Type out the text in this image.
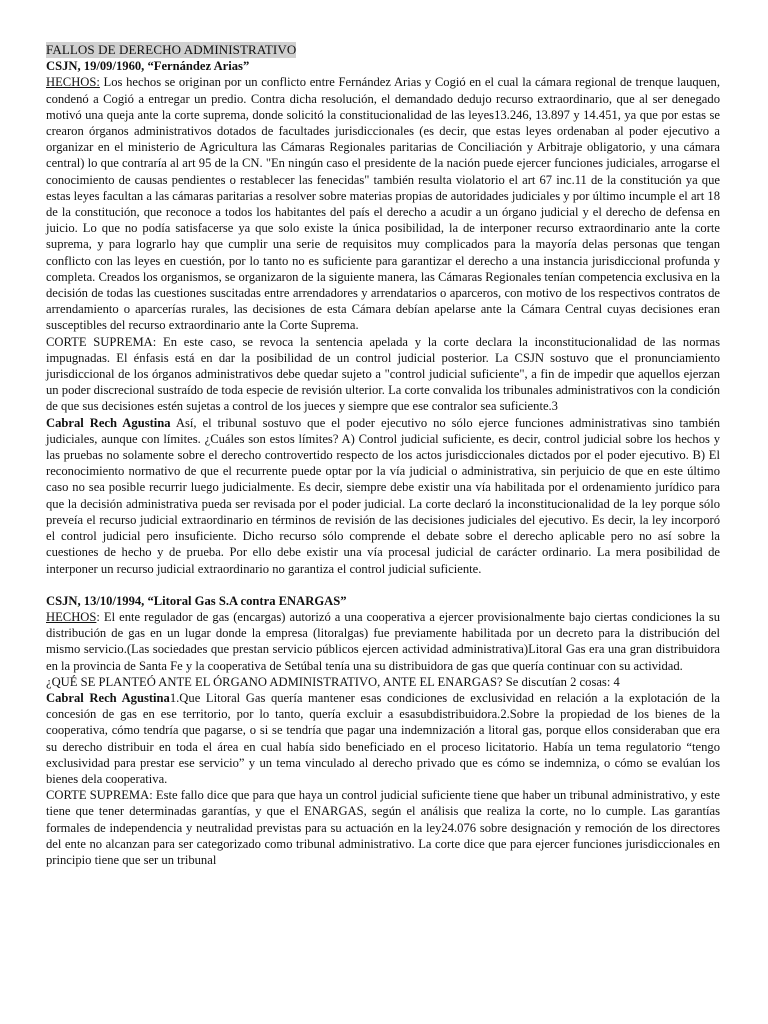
FALLOS DE DERECHO ADMINISTRATIVO

CSJN, 19/09/1960, “Fernández Arias”

HECHOS: Los hechos se originan por un conflicto entre Fernández Arias y Cogió en el cual la cámara regional de trenque lauquen, condenó a Cogió a entregar un predio. Contra dicha resolución, el demandado dedujo recurso extraordinario, que al ser denegado motivó una queja ante la corte suprema, donde solicitó la constitucionalidad de las leyes13.246, 13.897 y 14.451, ya que por estas se crearon órganos administrativos dotados de facultades jurisdiccionales (es decir, que estas leyes ordenaban al poder ejecutivo a organizar en el ministerio de Agricultura las Cámaras Regionales paritarias de Conciliación y Arbitraje obligatorio, y una cámara central) lo que contraría al art 95 de la CN. "En ningún caso el presidente de la nación puede ejercer funciones judiciales, arrogarse el conocimiento de causas pendientes o restablecer las fenecidas" también resulta violatorio el art 67 inc.11 de la constitución ya que estas leyes facultan a las cámaras paritarias a resolver sobre materias propias de autoridades judiciales y por último incumple el art 18 de la constitución, que reconoce a todos los habitantes del país el derecho a acudir a un órgano judicial y el derecho de defensa en juicio. Lo que no podía satisfacerse ya que solo existe la única posibilidad, la de interponer recurso extraordinario ante la corte suprema, y para lograrlo hay que cumplir una serie de requisitos muy complicados para la mayoría delas personas que tengan conflicto con las leyes en cuestión, por lo tanto no es suficiente para garantizar el derecho a una instancia jurisdiccional profunda y completa. Creados los organismos, se organizaron de la siguiente manera, las Cámaras Regionales tenían competencia exclusiva en la decisión de todas las cuestiones suscitadas entre arrendadores y arrendatarios o aparceros, con motivo de los respectivos contratos de arrendamiento o aparcerías rurales, las decisiones de esta Cámara debían apelarse ante la Cámara Central cuyas decisiones eran susceptibles del recurso extraordinario ante la Corte Suprema.

CORTE SUPREMA: En este caso, se revoca la sentencia apelada y la corte declara la inconstitucionalidad de las normas impugnadas. El énfasis está en dar la posibilidad de un control judicial posterior. La CSJN sostuvo que el pronunciamiento jurisdiccional de los órganos administrativos debe quedar sujeto a "control judicial suficiente", a fin de impedir que aquellos ejerzan un poder discrecional sustraído de toda especie de revisión ulterior. La corte convalida los tribunales administrativos con la condición de que sus decisiones estén sujetas a control de los jueces y siempre que ese contralor sea suficiente.3

Cabral Rech Agustina Así, el tribunal sostuvo que el poder ejecutivo no sólo ejerce funciones administrativas sino también judiciales, aunque con límites. ¿Cuáles son estos límites? A) Control judicial suficiente, es decir, control judicial sobre los hechos y las pruebas no solamente sobre el derecho controvertido respecto de los actos jurisdiccionales dictados por el poder ejecutivo. B) El reconocimiento normativo de que el recurrente puede optar por la vía judicial o administrativa, sin perjuicio de que en este último caso no sea posible recurrir luego judicialmente. Es decir, siempre debe existir una vía habilitada por el ordenamiento jurídico para que la decisión administrativa pueda ser revisada por el poder judicial. La corte declaró la inconstitucionalidad de la ley porque sólo preveía el recurso judicial extraordinario en términos de revisión de las decisiones judiciales del ejecutivo. Es decir, la ley incorporó el control judicial pero insuficiente. Dicho recurso sólo comprende el debate sobre el derecho aplicable pero no así sobre la cuestiones de hecho y de prueba. Por ello debe existir una vía procesal judicial de carácter ordinario. La mera posibilidad de interponer un recurso judicial extraordinario no garantiza el control judicial suficiente.

CSJN, 13/10/1994, “Litoral Gas S.A contra ENARGAS”

HECHOS: El ente regulador de gas (encargas) autorizó a una cooperativa a ejercer provisionalmente bajo ciertas condiciones la su distribución de gas en un lugar donde la empresa (litoralgas) fue previamente habilitada por un decreto para la distribución del mismo servicio.(Las sociedades que prestan servicio públicos ejercen actividad administrativa)Litoral Gas era una gran distribuidora en la provincia de Santa Fe y la cooperativa de Setúbal tenía una su distribuidora de gas que quería continuar con su actividad.

¿QUÉ SE PLANTEÓ ANTE EL ÓRGANO ADMINISTRATIVO, ANTE EL ENARGAS? Se discutían 2 cosas: 4

Cabral Rech Agustina1.Que Litoral Gas quería mantener esas condiciones de exclusividad en relación a la explotación de la concesión de gas en ese territorio, por lo tanto, quería excluir a esasubdistribuidora.2.Sobre la propiedad de los bienes de la cooperativa, cómo tendría que pagarse, o si se tendría que pagar una indemnización a litoral gas, porque ellos consideraban que era su derecho distribuir en toda el área en cual había sido beneficiado en el proceso licitatorio. Había un tema regulatorio “tengo exclusividad para prestar ese servicio” y un tema vinculado al derecho privado que es cómo se indemniza, o cómo se evalúan los bienes dela cooperativa.

CORTE SUPREMA: Este fallo dice que para que haya un control judicial suficiente tiene que haber un tribunal administrativo, y este tiene que tener determinadas garantías, y que el ENARGAS, según el análisis que realiza la corte, no lo cumple. Las garantías formales de independencia y neutralidad previstas para su actuación en la ley24.076 sobre designación y remoción de los directores del ente no alcanzan para ser categorizado como tribunal administrativo. La corte dice que para ejercer funciones jurisdiccionales en principio tiene que ser un tribunal
